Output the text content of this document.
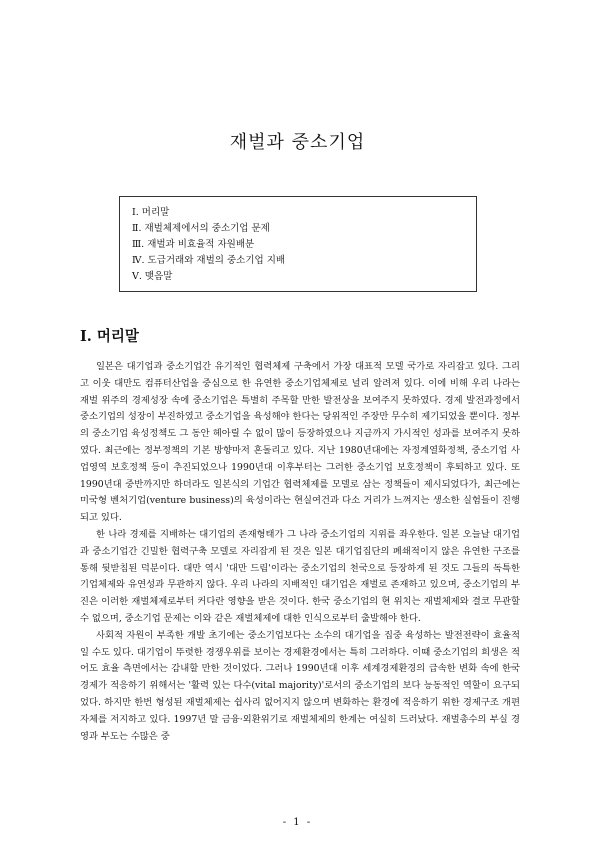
재벌과 중소기업
Ⅰ. 머리말
Ⅱ. 재벌체제에서의 중소기업 문제
Ⅲ. 재벌과 비효율적 자원배분
Ⅳ. 도급거래와 재벌의 중소기업 지배
Ⅴ. 맺음말
Ⅰ. 머리말

일본은 대기업과 중소기업간 유기적인 협력체제 구축에서 가장 대표적 모델 국가로 자리잡고 있다. 그리고 이웃 대만도 컴퓨터산업을 중심으로 한 유연한 중소기업체제로 널리 알려져 있다. 이에 비해 우리 나라는 재벌 위주의 경제성장 속에 중소기업은 특별히 주목할 만한 발전상을 보여주지 못하였다. 경제 발전과정에서 중소기업의 성장이 부진하였고 중소기업을 육성해야 한다는 당위적인 주장만 무수히 제기되었을 뿐이다. 정부의 중소기업 육성정책도 그 동안 헤아릴 수 없이 많이 등장하였으나 지금까지 가시적인 성과를 보여주지 못하였다. 최근에는 정부정책의 기본 방향마저 혼돌리고 있다. 지난 1980년대에는 자정계열화정책, 중소기업 사업영역 보호정책 등이 추진되었으나 1990년대 이후부터는 그러한 중소기업 보호정책이 후퇴하고 있다. 또 1990년대 중반까지만 하더라도 일본식의 기업간 협력체제를 모델로 삼는 정책들이 제시되었다가, 최근에는 미국형 벤처기업(venture business)의 육성이라는 현실여건과 다소 거리가 느껴지는 생소한 실험들이 진행되고 있다.

한 나라 경제를 지배하는 대기업의 존재형태가 그 나라 중소기업의 지위를 좌우한다. 일본 오늘날 대기업과 중소기업간 긴밀한 협력구축 모델로 자리잡게 된 것은 일본 대기업집단의 폐쇄적이지 않은 유연한 구조를 통해 뒷받침된 덕분이다. 대만 역시 '대만 드림'이라는 중소기업의 천국으로 등장하게 된 것도 그들의 독특한 기업체제와 유연성과 무관하지 않다. 우리 나라의 지배적인 대기업은 재벌로 존재하고 있으며, 중소기업의 부진은 이러한 재벌체제로부터 커다란 영향을 받은 것이다. 한국 중소기업의 현 위치는 재벌체제와 결코 무관할 수 없으며, 중소기업 문제는 이와 같은 재벌체제에 대한 인식으로부터 출발해야 한다.

사회적 자원이 부족한 개발 초기에는 중소기업보다는 소수의 대기업을 집중 육성하는 발전전략이 효율적일 수도 있다. 대기업이 뚜렷한 경쟁우위를 보이는 경제환경에서는 특히 그러하다. 이때 중소기업의 희생은 적어도 효율 측면에서는 감내할 만한 것이었다. 그러나 1990년대 이후 세계경제환경의 급속한 변화 속에 한국 경제가 적응하기 위해서는 '활력 있는 다수(vital majority)'로서의 중소기업의 보다 능동적인 역할이 요구되었다. 하지만 한번 형성된 재벌체제는 쉽사리 없어지지 않으며 변화하는 환경에 적응하기 위한 경제구조 개편 자체를 저지하고 있다. 1997년 말 금융·외환위기로 재벌체제의 한계는 여실히 드러났다. 재벌총수의 부실 경영과 부도는 수많은 중

- 1 -
